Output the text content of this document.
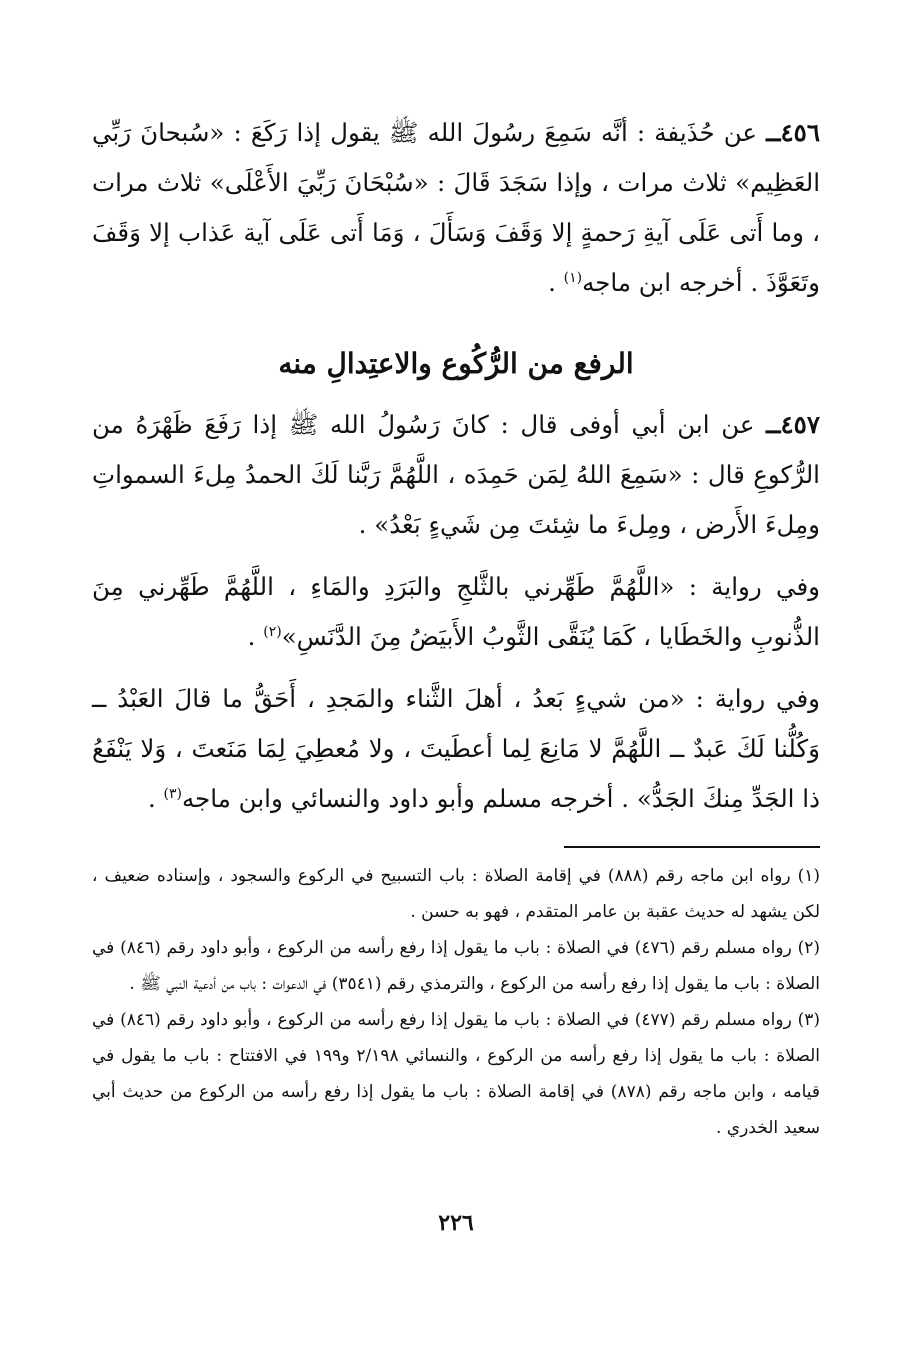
٤٥٦ــ عن حُذَيفة : أنَّه سَمِعَ رسُولَ الله ﷺ يقول إذا رَكَعَ : «سُبحانَ رَبِّي العَظِيم» ثلاث مرات ، وإذا سَجَدَ قَالَ : «سُبْحَانَ رَبِّيَ الأَعْلَى» ثلاث مرات ، وما أَتى عَلَى آيةِ رَحمةٍ إلا وَقَفَ وَسَأَلَ ، وَمَا أَتى عَلَى آية عَذاب إلا وَقَفَ وتَعَوَّذَ . أخرجه ابن ماجه$^{(١)}$ .

الرفع من الرُّكُوع والاعتِدالِ منه

٤٥٧ــ عن ابن أبي أوفى قال : كانَ رَسُولُ الله ﷺ إذا رَفَعَ ظَهْرَهُ من الرُّكوعِ قال : «سَمِعَ اللهُ لِمَن حَمِدَه ، اللَّهُمَّ رَبَّنا لَكَ الحمدُ مِلءَ السمواتِ ومِلءَ الأَرض ، ومِلءَ ما شِئتَ مِن شَيءٍ بَعْدُ» .

وفي رواية : «اللَّهُمَّ طَهِّرني بالثَّلجِ والبَرَدِ والمَاءِ ، اللَّهُمَّ طَهِّرني مِنَ الذُّنوبِ والخَطَايا ، كَمَا يُنَقَّى الثَّوبُ الأَبيَضُ مِنَ الدَّنَسِ»$^{(٢)}$ .

وفي رواية : «من شيءٍ بَعدُ ، أهلَ الثَّناء والمَجدِ ، أَحَقُّ ما قالَ العَبْدُ ــ وَكُلُّنا لَكَ عَبدٌ ــ اللَّهُمَّ لا مَانِعَ لِما أعطَيتَ ، ولا مُعطِيَ لِمَا مَنَعتَ ، وَلا يَنْفَعُ ذا الجَدِّ مِنكَ الجَدُّ» . أخرجه مسلم وأبو داود والنسائي وابن ماجه$^{(٣)}$ .

(١) رواه ابن ماجه رقم (٨٨٨) في إقامة الصلاة : باب التسبيح في الركوع والسجود ، وإسناده ضعيف ، لكن يشهد له حديث عقبة بن عامر المتقدم ، فهو به حسن .

(٢) رواه مسلم رقم (٤٧٦) في الصلاة : باب ما يقول إذا رفع رأسه من الركوع ، وأبو داود رقم (٨٤٦) في الصلاة : باب ما يقول إذا رفع رأسه من الركوع ، والترمذي رقم (٣٥٤١) في الدعوات : باب من أدعية النبي ﷺ .

(٣) رواه مسلم رقم (٤٧٧) في الصلاة : باب ما يقول إذا رفع رأسه من الركوع ، وأبو داود رقم (٨٤٦) في الصلاة : باب ما يقول إذا رفع رأسه من الركوع ، والنسائي ٢/١٩٨ و١٩٩ في الافتتاح : باب ما يقول في قيامه ، وابن ماجه رقم (٨٧٨) في إقامة الصلاة : باب ما يقول إذا رفع رأسه من الركوع من حديث أبي سعيد الخدري .

٢٢٦
